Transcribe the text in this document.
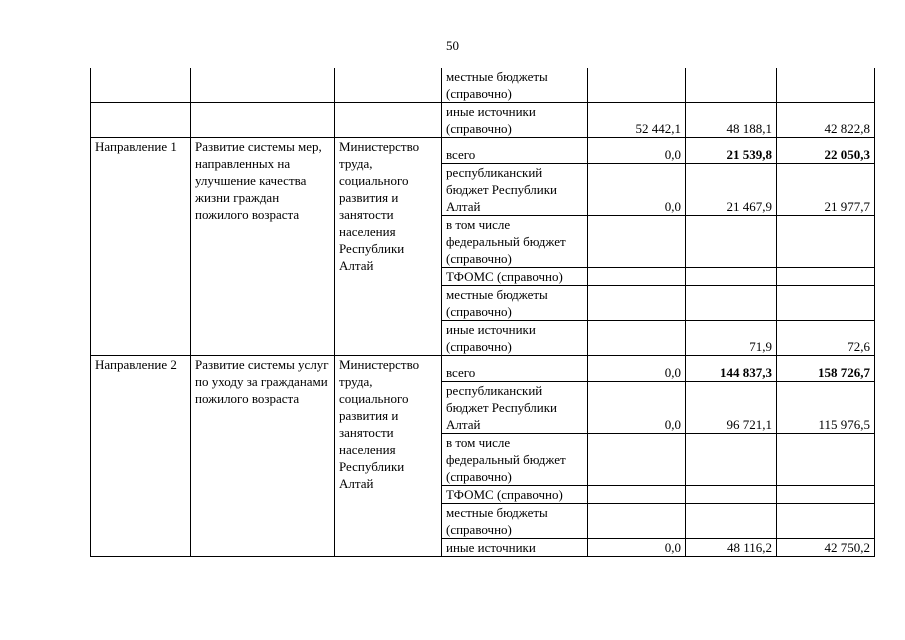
50
			местные бюджеты (справочно)			
			иные источники (справочно)	52 442,1	48 188,1	42 822,8
Направление 1	Развитие системы мер, направленных на улучшение качества жизни граждан пожилого возраста	Министерство труда, социального развития и занятости населения Республики Алтай	всего	0,0	21 539,8	22 050,3
			республиканский бюджет Республики Алтай	0,0	21 467,9	21 977,7
			в том числе федеральный бюджет (справочно)			
			ТФОМС (справочно)			
			местные бюджеты (справочно)			
			иные источники (справочно)		71,9	72,6
Направление 2	Развитие системы услуг по уходу за гражданами пожилого возраста	Министерство труда, социального развития и занятости населения Республики Алтай	всего	0,0	144 837,3	158 726,7
			республиканский бюджет Республики Алтай	0,0	96 721,1	115 976,5
			в том числе федеральный бюджет (справочно)			
			ТФОМС (справочно)			
			местные бюджеты (справочно)			
			иные источники	0,0	48 116,2	42 750,2
